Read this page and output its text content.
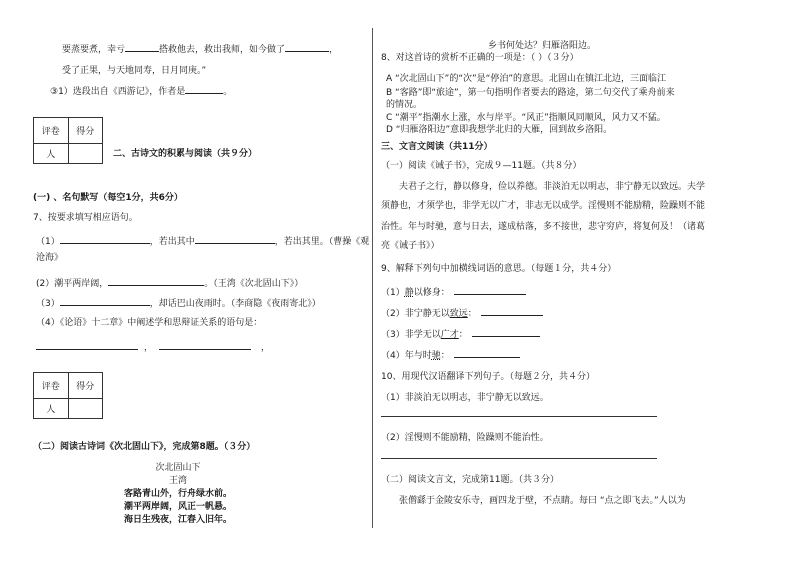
要蒸要煮，幸亏	搭救他去，救出我师，如今做了	，
受了正果，与天地同寿，日月同庚。”
③1）选段出自《西游记》，作者是	。
评卷	得分
人		二、古诗文的积累与阅读（共９分）
(一) 、名句默写（每空1分，共6分）
7、按要求填写相应语句。
（1）	，若出其中	，若出其里。（曹操《观
沧海》
(2）潮平两岸阔，	。（王湾《次北固山下》）
（3）	，却话巴山夜雨时。（李商隐《夜雨寄北》）
（4）《论语》十二章》中阐述学和思辩证关系的语句是：
，	，
评卷	得分
人	
（二）阅读古诗词《次北固山下》，完成第8题。（３分）
次北固山下
王湾
客路青山外，行舟绿水前。
潮平两岸阔，风正一帆悬。
海日生残夜，江春入旧年。
乡书何处达？归雁洛阳边。
8、对这首诗的赏析不正确的一项是：（ ）（３分）
A “次北固山下”的“次”是“停泊”的意思。北固山在镇江北边，三面临江
B “客路”即“旅途”，第一句指明作者要去的路途，第二句交代了乘舟前来
的情况。
C “潮平”指潮水上涨，水与岸平。“风正”指顺风同顺风，风力又不猛。
D “归雁洛阳边”意即我想学北归的大雁，回到故乡洛阳。
三、文言文阅读（共11分）
（一）阅读《诫子书》，完成９—11题。（共８分）
夫君子之行，静以修身，俭以养德。非淡泊无以明志，非宁静无以致远。夫学
须静也，才须学也，非学无以广才，非志无以成学。淫慢则不能励精，险躁则不能
治性。年与时驰，意与日去，遂成枯落，多不接世，悲守穷庐，将复何及！（诸葛
亮《诫子书》）
9、解释下列句中加横线词语的意思。（每题１分，共４分）
（1）静以修身：
（2）非宁静无以致远：
（3）非学无以广才：
（4）年与时驰：
10、用现代汉语翻译下列句子。（每题２分，共４分）
（1）非淡泊无以明志，非宁静无以致远。
（2）淫慢则不能励精，险躁则不能治性。
（二）阅读文言文，完成第11题。（共３分）
张僧繇于金陵安乐寺，画四龙于壁，不点睛。每曰 “点之即飞去。”人以为
